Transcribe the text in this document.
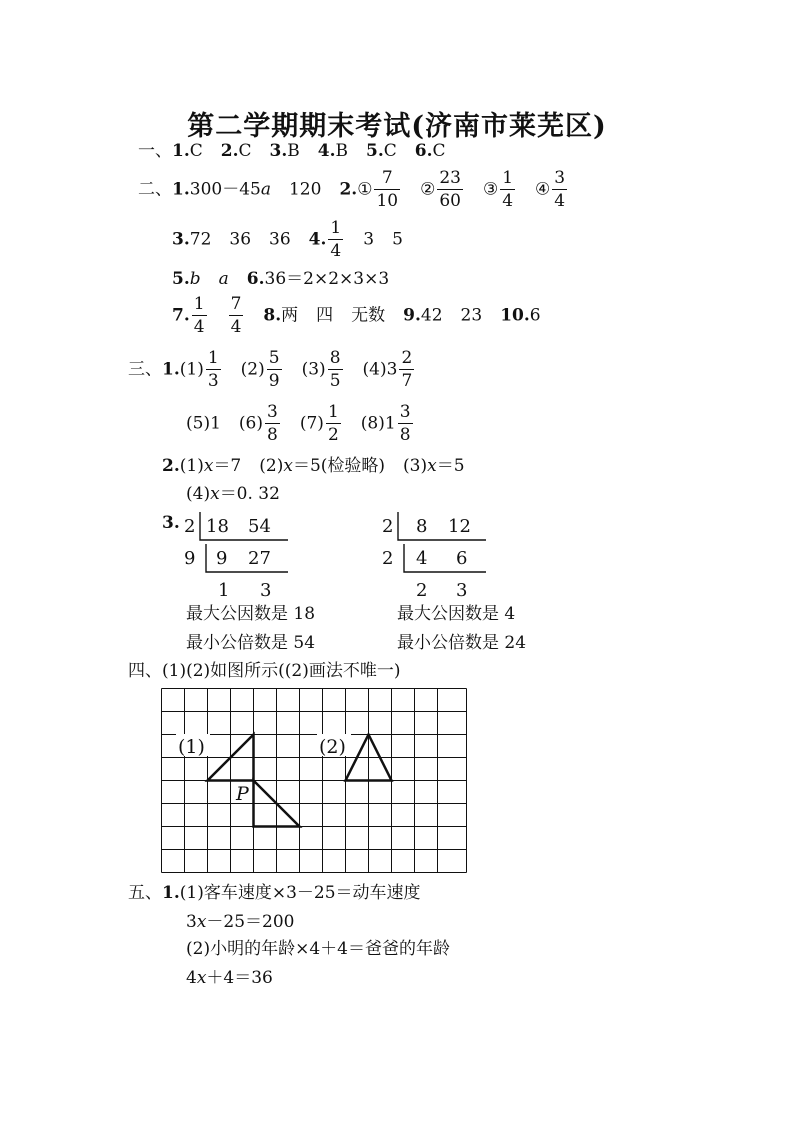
第二学期期末考试(济南市莱芜区)
一、1.C 2.C 3.B 4.B 5.C 6.C
二、1.300－45a 120 2.① $\frac{7}{10}$ ② $\frac{23}{60}$ ③ $\frac{1}{4}$ ④ $\frac{3}{4}$
3.72 36 36 4. $\frac{1}{4} 3$ 5
5.b a 6.36＝2×2×3×3
7. $\frac{1}{4} \frac{7}{4} 8$.两 四 无数 9.42 23 10.6
三、$1.(1) \frac{1}{3} (2) \frac{5}{9} (3) \frac{8}{5} (4)3 \frac{2}{7}$
(5)1 $(6) \frac{3}{8} (7) \frac{1}{2} (8)1 \frac{3}{8}$
2.(1)x＝7 (2)x＝5(检验略) (3)x＝5
(4)x＝0. 32
3. 2 18 54
9 9 27
1 3
2 8 12
2 4 6
2 3
最大公因数是 18
最小公倍数是 54
最大公因数是 4
最小公倍数是 24
四、(1)(2)如图所示((2)画法不唯一)
(1)	(2)
P
五、1.(1)客车速度×3－25＝动车速度
3x－25＝200
(2)小明的年龄×4＋4＝爸爸的年龄
4x＋4＝36
